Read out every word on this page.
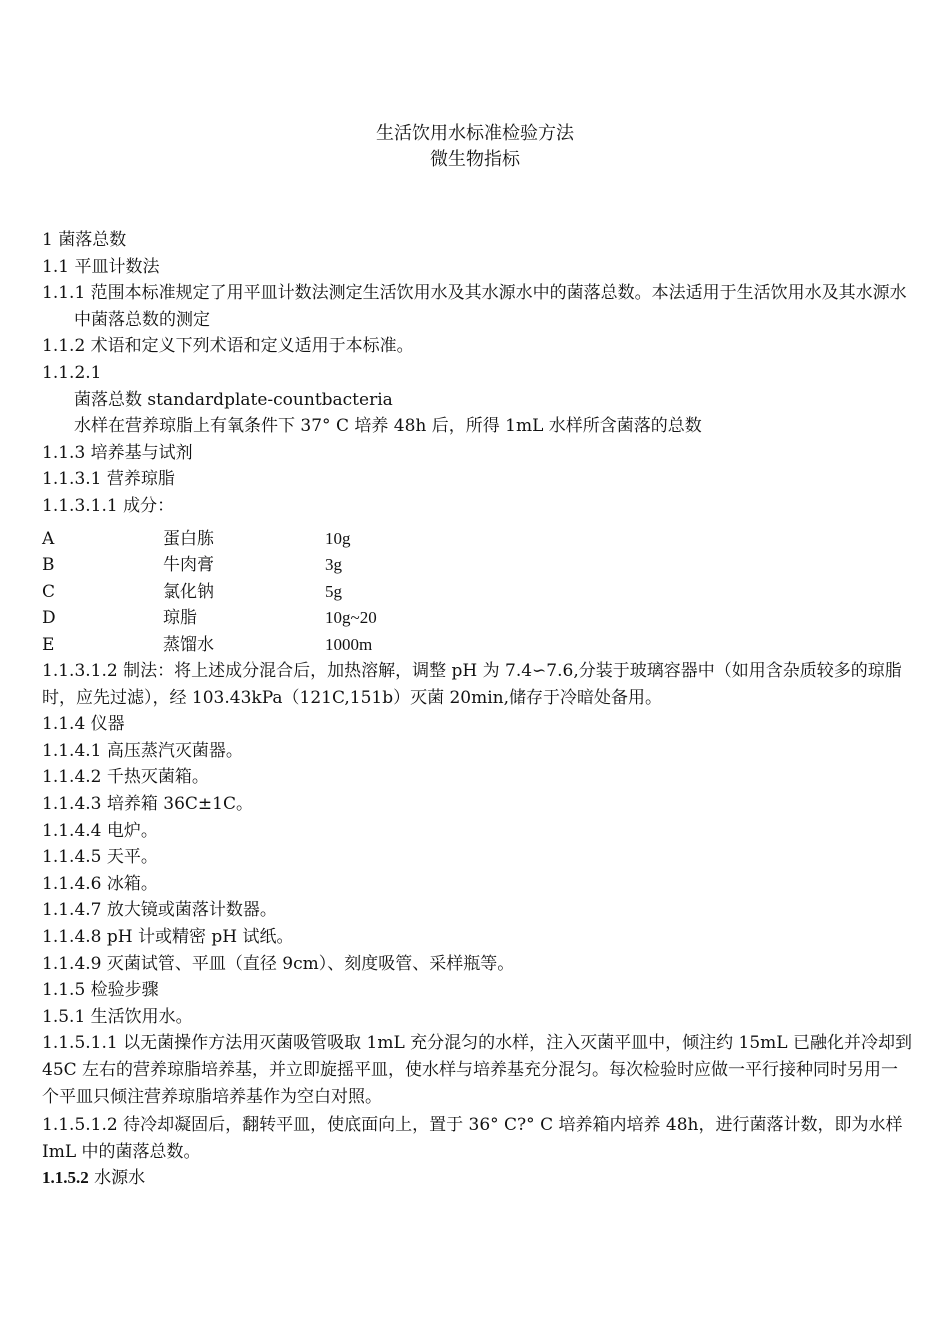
生活饮用水标准检验方法
微生物指标

1 菌落总数

1.1 平皿计数法

1.1.1 范围本标准规定了用平皿计数法测定生活饮用水及其水源水中的菌落总数。本法适用于生活饮用水及其水源水中菌落总数的测定

1.1.2 术语和定义下列术语和定义适用于本标准。

1.1.2.1

菌落总数 standardplate-countbacteria

水样在营养琼脂上有氧条件下 37° C 培养 48h 后，所得 1mL 水样所含菌落的总数

1.1.3 培养基与试剂

1.1.3.1 营养琼脂

1.1.3.1.1 成分：

A	蛋白胨	10g
B	牛肉膏	3g
C	氯化钠	5g
D	琼脂	10g~20
E	蒸馏水	1000m

1.1.3.1.2 制法：将上述成分混合后，加热溶解，调整 pH 为 7.4∽7.6,分装于玻璃容器中（如用含杂质较多的琼脂时，应先过滤），经 103.43kPa（121C,151b）灭菌 20min,储存于冷暗处备用。

1.1.4 仪器

1.1.4.1 高压蒸汽灭菌器。

1.1.4.2 千热灭菌箱。

1.1.4.3 培养箱 36C±1C。

1.1.4.4 电炉。

1.1.4.5 天平。

1.1.4.6 冰箱。

1.1.4.7 放大镜或菌落计数器。

1.1.4.8 pH 计或精密 pH 试纸。

1.1.4.9 灭菌试管、平皿（直径 9cm）、刻度吸管、采样瓶等。

1.1.5 检验步骤

1.5.1 生活饮用水。

1.1.5.1.1 以无菌操作方法用灭菌吸管吸取 1mL 充分混匀的水样，注入灭菌平皿中，倾注约 15mL 已融化并冷却到 45C 左右的营养琼脂培养基，并立即旋摇平皿，使水样与培养基充分混匀。每次检验时应做一平行接种同时另用一个平皿只倾注营养琼脂培养基作为空白对照。

1.1.5.1.2 待冷却凝固后，翻转平皿，使底面向上，置于 36° C?° C 培养箱内培养 48h，进行菌落计数，即为水样 ImL 中的菌落总数。

1.1.5.2 水源水
